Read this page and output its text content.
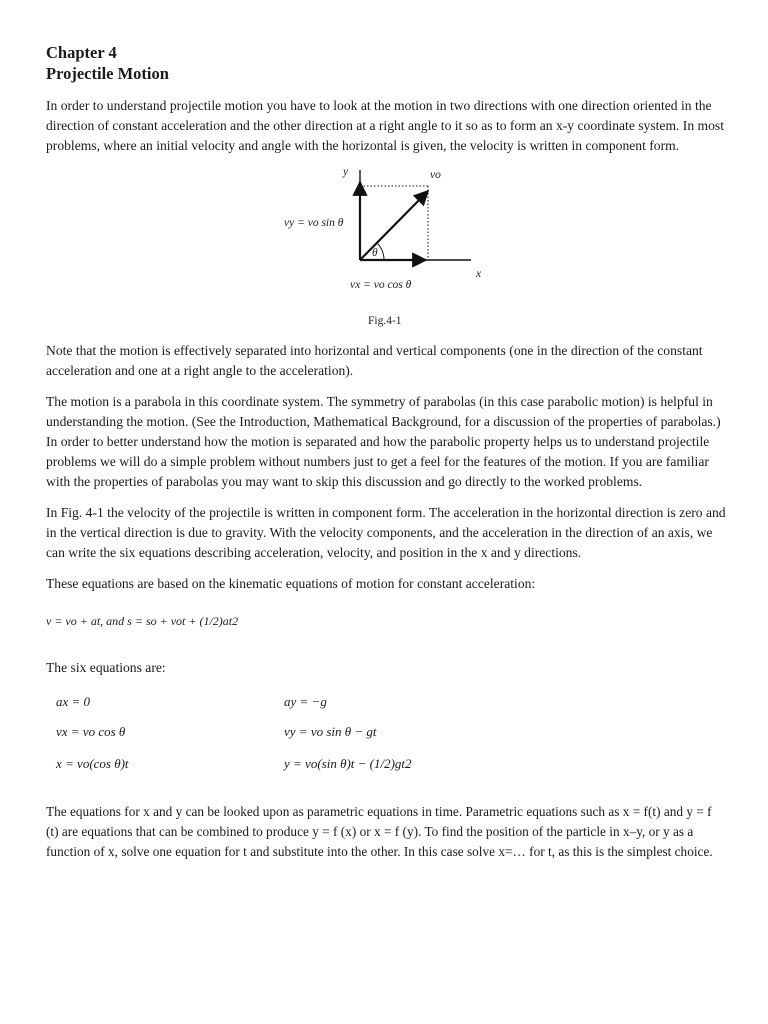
Chapter 4
Projectile Motion

In order to understand projectile motion you have to look at the motion in two directions with one direction oriented in the direction of constant acceleration and the other direction at a right angle to it so as to form an x-y coordinate system. In most problems, where an initial velocity and angle with the horizontal is given, the velocity is written in component form.

y
x
vo
θ
vy = vo sin θ
vx = vo cos θ
Fig.4-1

Note that the motion is effectively separated into horizontal and vertical components (one in the direction of the constant acceleration and one at a right angle to the acceleration).

The motion is a parabola in this coordinate system. The symmetry of parabolas (in this case parabolic motion) is helpful in understanding the motion. (See the Introduction, Mathematical Background, for a discussion of the properties of parabolas.) In order to better understand how the motion is separated and how the parabolic property helps us to understand projectile problems we will do a simple problem without numbers just to get a feel for the features of the motion. If you are familiar with the properties of parabolas you may want to skip this discussion and go directly to the worked problems.

In Fig. 4-1 the velocity of the projectile is written in component form. The acceleration in the horizontal direction is zero and in the vertical direction is due to gravity. With the velocity components, and the acceleration in the direction of an axis, we can write the six equations describing acceleration, velocity, and position in the x and y directions.

These equations are based on the kinematic equations of motion for constant acceleration:

v = vo + at, and s = so + vot + (1/2)at2

The six equations are:

ax = 0	ay = −g
vx = vo cos θ	vy = vo sin θ − gt
x = vo(cos θ)t	y = vo(sin θ)t − (1/2)gt2

The equations for x and y can be looked upon as parametric equations in time. Parametric equations such as x = f(t) and y = f (t) are equations that can be combined to produce y = f (x) or x = f (y). To find the position of the particle in x–y, or y as a function of x, solve one equation for t and substitute into the other. In this case solve x=… for t, as this is the simplest choice.
